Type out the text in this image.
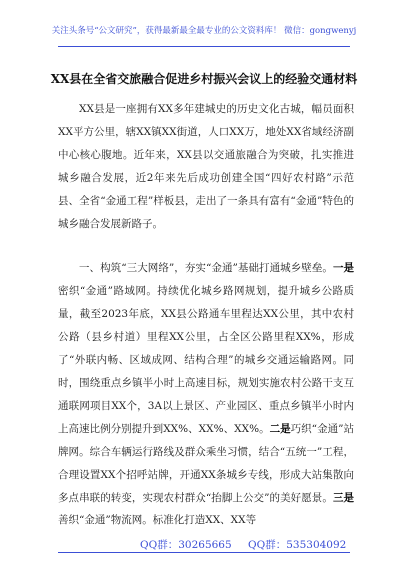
关注头条号“公文研究”，获得最新最全最专业的公文资料库！ 微信：gongwenyj
XX县在全省交旅融合促进乡村振兴会议上的经验交通材料

XX县是一座拥有XX多年建城史的历史文化古城，幅员面积XX平方公里，辖XX镇XX街道，人口XX万，地处XX省域经济副中心核心腹地。近年来，XX县以交通旅融合为突破，扎实推进城乡融合发展，近2年来先后成功创建全国“四好农村路”示范县、全省“金通工程”样板县，走出了一条具有富有“金通”特色的城乡融合发展新路子。

一、构筑“三大网络”，夯实“金通”基础打通城乡壁垒。一是密织“金通”路域网。持续优化城乡路网规划，提升城乡公路质量，截至2023年底，XX县公路通车里程达XX公里，其中农村公路（县乡村道）里程XX公里，占全区公路里程XX%，形成了“外联内畅、区域成网、结构合理”的城乡交通运输路网。同时，围绕重点乡镇半小时上高速目标，规划实施农村公路干支互通联网项目XX个，3A以上景区、产业园区、重点乡镇半小时内上高速比例分别提升到XX%、XX%、XX%。二是巧织“金通”站牌网。综合车辆运行路线及群众乘坐习惯，结合“五统一”工程，合理设置XX个招呼站牌，开通XX条城乡专线，形成大站集散向多点串联的转变，实现农村群众“抬脚上公交”的美好愿景。三是善织“金通”物流网。标准化打造XX、XX等

QQ群：30265665 QQ群：535304092
